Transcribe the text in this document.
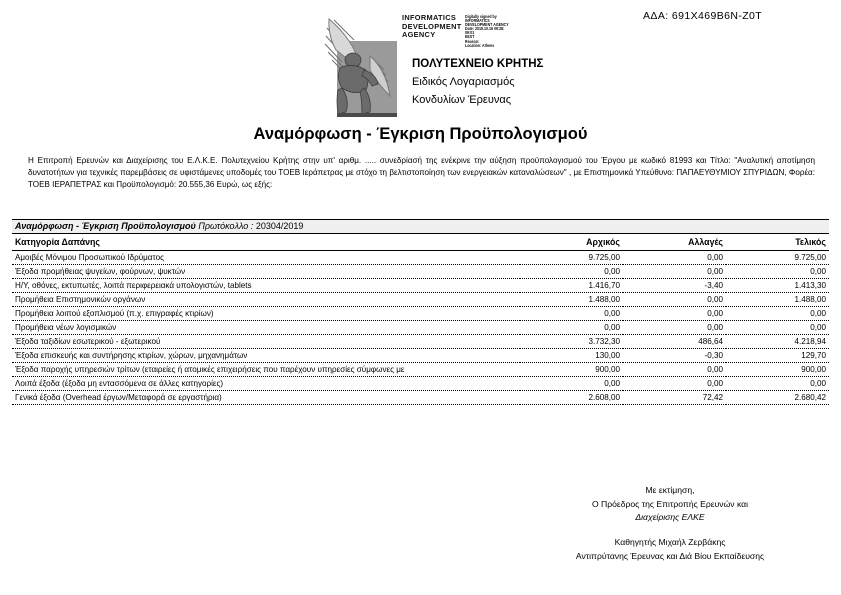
ΑΔΑ: 691Χ469Β6Ν-Ζ0Τ
INFORMATICS DEVELOPMENT AGENCY
Digitally signed by
INFORMATICS
DEVELOPMENT AGENCY
Date: 2019.10.16 09:28:
09:01
EEST
Reason:
Location: Athens
ΠΟΛΥΤΕΧΝΕΙΟ ΚΡΗΤΗΣ
Ειδικός Λογαριασμός
Κονδυλίων Έρευνας
Αναμόρφωση - Έγκριση Προϋπολογισμού

Η Επιτροπή Ερευνών και Διαχείρισης του Ε.Λ.Κ.Ε. Πολυτεχνείου Κρήτης στην υπ' αριθμ. ..... συνεδρίασή της ενέκρινε την αύξηση προϋπολογισμού του Έργου με κωδικό 81993 και Τίτλο: "Αναλυτική αποτίμηση δυνατοτήτων για τεχνικές παρεμβάσεις σε υφιστάμενες υποδομές του ΤΟΕΒ Ιεράπετρας με στόχο τη βελτιστοποίηση των ενεργειακών καταναλώσεων" , με Επιστημονικά Υπεύθυνο: ΠΑΠΑΕΥΘΥΜΙΟΥ ΣΠΥΡΙΔΩΝ, Φορέα: ΤΟΕΒ ΙΕΡΑΠΕΤΡΑΣ και Προϋπολογισμό: 20.555,36 Ευρώ, ως εξής:

Αναμόρφωση - Έγκριση Προϋπολογισμού Πρωτόκολλο : 20304/2019
Κατηγορία Δαπάνης	Αρχικός	Αλλαγές	Τελικός
Αμοιβές Μόνιμου Προσωπικού Ιδρύματος	9.725,00	0,00	9.725,00
Έξοδα προμήθειας ψυγείων, φούρνων, ψυκτών	0,00	0,00	0,00
Η/Υ, οθόνες, εκτυπωτές, λοιπά περιφερειακά υπολογιστών, tablets	1.416,70	-3,40	1.413,30
Προμήθεια Επιστημονικών οργάνων	1.488,00	0,00	1.488,00
Προμήθεια λοιπού εξοπλισμού (π.χ. επιγραφές κτιρίων)	0,00	0,00	0,00
Προμήθεια νέων λογισμικών	0,00	0,00	0,00
Έξοδα ταξιδίων εσωτερικού - εξωτερικού	3.732,30	486,64	4.218,94
Έξοδα επισκευής και συντήρησης κτιρίων, χώρων, μηχανημάτων	130,00	-0,30	129,70
Έξοδα παροχής υπηρεσιών τρίτων (εταιρείες ή ατομικές επιχειρήσεις που παρέχουν υπηρεσίες σύμφωνες με	900,00	0,00	900,00
Λοιπά έξοδα (έξοδα μη εντασσόμενα σε άλλες κατηγορίες)	0,00	0,00	0,00
Γενικά έξοδα (Overhead έργων/Μεταφορά σε εργαστήρια)	2.608,00	72,42	2.680,42
Με εκτίμηση,
Ο Πρόεδρος της Επιτροπής Ερευνών και
Διαχείρισης ΕΛΚΕ
Καθηγητής Μιχαήλ Ζερβάκης
Αντιπρύτανης Έρευνας και Διά Βίου Εκπαίδευσης
